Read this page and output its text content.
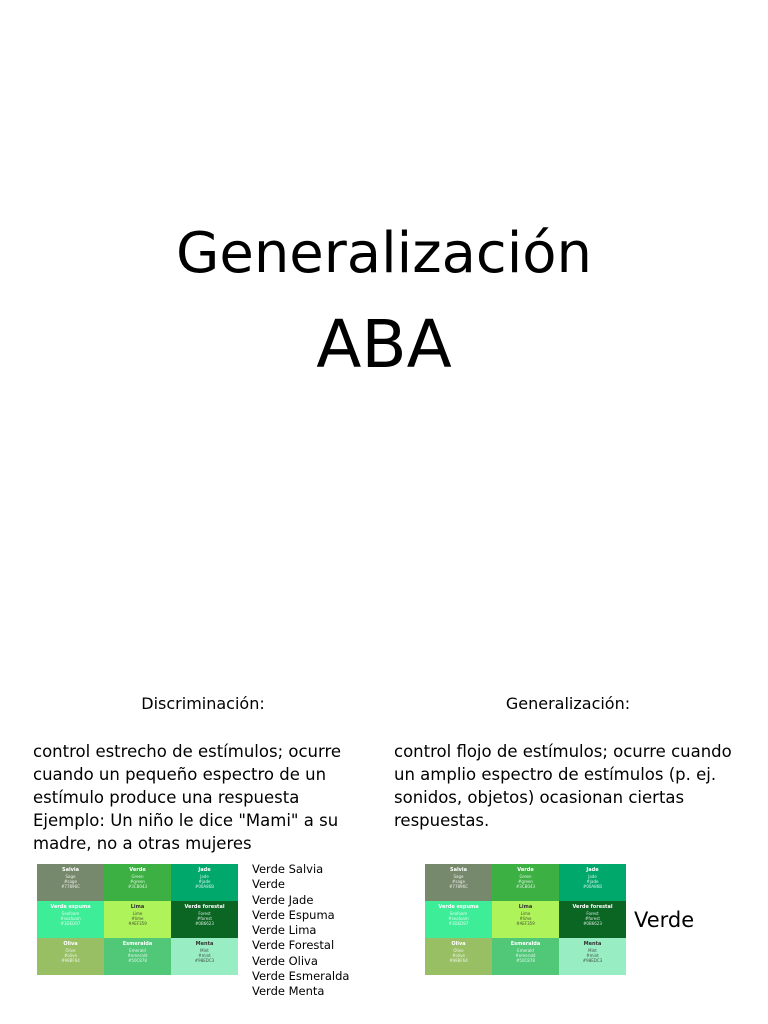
Generalización
ABA
Discriminación:	Generalización:
control estrecho de estímulos; ocurre
cuando un pequeño espectro de un
estímulo produce una respuesta
Ejemplo: Un niño le dice "Mami" a su
madre, no a otras mujeres
control flojo de estímulos; ocurre cuando
un amplio espectro de estímulos (p. ej.
sonidos, objetos) ocasionan ciertas
respuestas.
Salvia
Sage
#sage
#77896C
Verde
Green
#green
#3CB043
Jade
Jade
#jade
#00A86B
Verde espuma
Seafoam
#seafoam
#3DED97
Lima
Lime
#lime
#AEF359
Verde forestal
Forest
#forest
#0B6623
Oliva
Olive
#olive
#98BF64
Esmeralda
Emerald
#emerald
#50C878
Menta
Mint
#mint
#98EDC3
Salvia
Sage
#sage
#77896C
Verde
Green
#green
#3CB043
Jade
Jade
#jade
#00A86B
Verde espuma
Seafoam
#seafoam
#3DED97
Lima
Lime
#lime
#AEF359
Verde forestal
Forest
#forest
#0B6623
Oliva
Olive
#olive
#98BF64
Esmeralda
Emerald
#emerald
#50C878
Menta
Mint
#mint
#98EDC3
Verde Salvia
Verde
Verde Jade
Verde Espuma
Verde Lima
Verde Forestal
Verde Oliva
Verde Esmeralda
Verde Menta
Verde
